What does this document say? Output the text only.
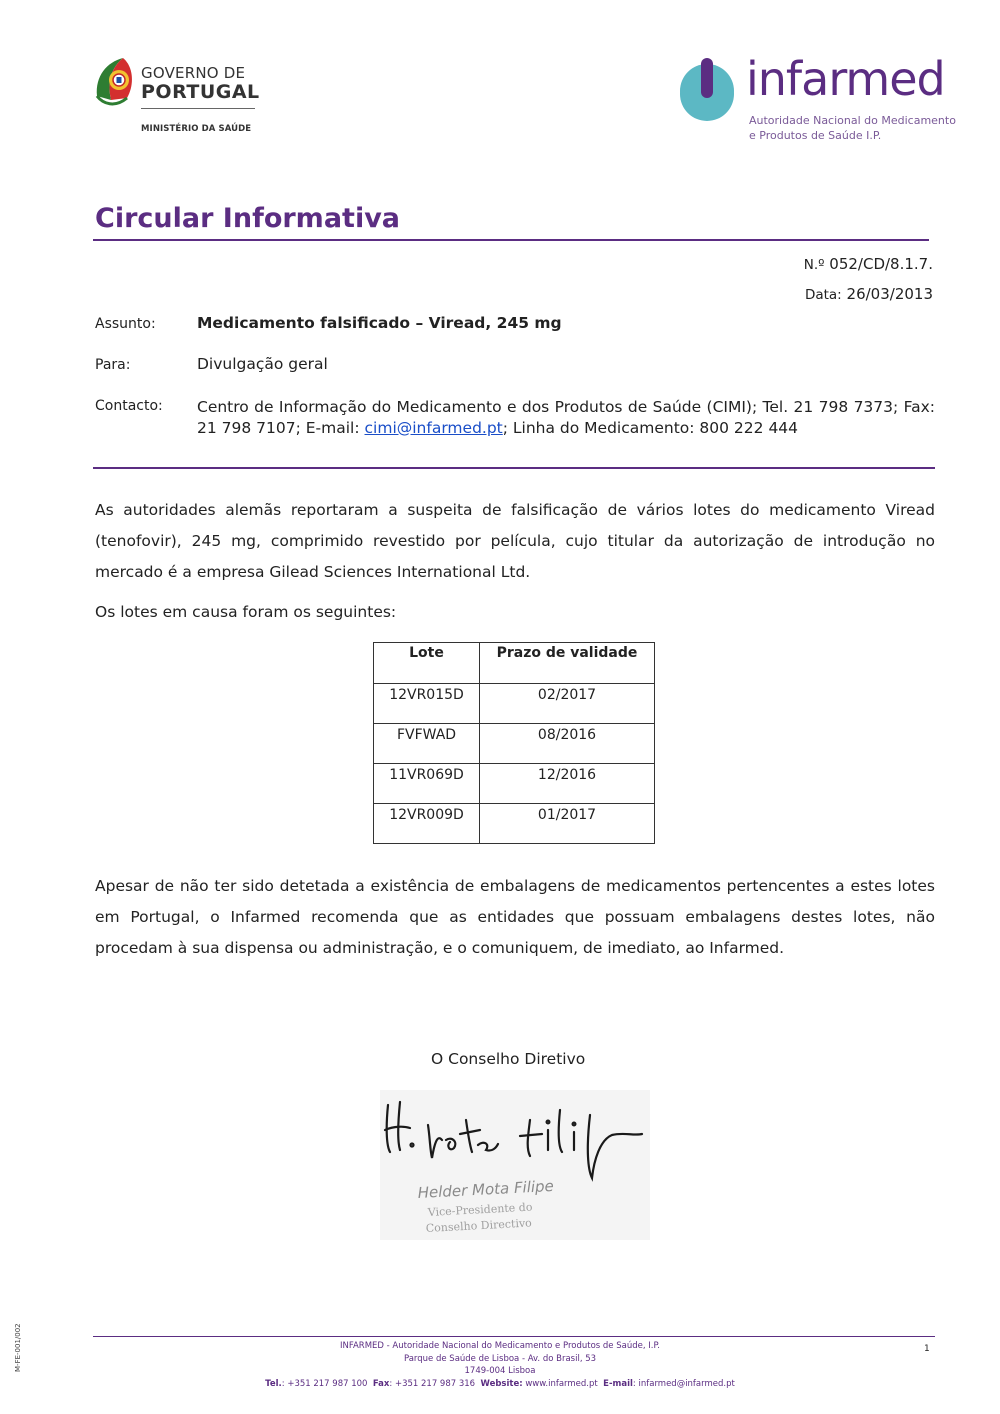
GOVERNO DE
PORTUGAL
MINISTÉRIO DA SAÚDE
infarmed
Autoridade Nacional do Medicamento
e Produtos de Saúde I.P.
Circular Informativa
N.º 052/CD/8.1.7.
Data: 26/03/2013
Assunto:	Medicamento falsificado – Viread, 245 mg
Para:	Divulgação geral
Contacto: Centro de Informação do Medicamento e dos Produtos de Saúde (CIMI); Tel. 21 798 7373; Fax: 21 798 7107; E-mail: cimi@infarmed.pt; Linha do Medicamento: 800 222 444
As autoridades alemãs reportaram a suspeita de falsificação de vários lotes do medicamento Viread (tenofovir), 245 mg, comprimido revestido por película, cujo titular da autorização de introdução no mercado é a empresa Gilead Sciences International Ltd.
Os lotes em causa foram os seguintes:
Lote	Prazo de validade
12VR015D	02/2017
FVFWAD	08/2016
11VR069D	12/2016
12VR009D	01/2017
Apesar de não ter sido detetada a existência de embalagens de medicamentos pertencentes a estes lotes em Portugal, o Infarmed recomenda que as entidades que possuam embalagens destes lotes, não procedam à sua dispensa ou administração, e o comuniquem, de imediato, ao Infarmed.
O Conselho Diretivo
Helder Mota Filipe
Vice-Presidente do
Conselho Directivo
INFARMED - Autoridade Nacional do Medicamento e Produtos de Saúde, I.P.
Parque de Saúde de Lisboa - Av. do Brasil, 53
1749-004 Lisboa
Tel.: +351 217 987 100 Fax: +351 217 987 316 Website: www.infarmed.pt E-mail: infarmed@infarmed.pt
1
M-FE-001/002
